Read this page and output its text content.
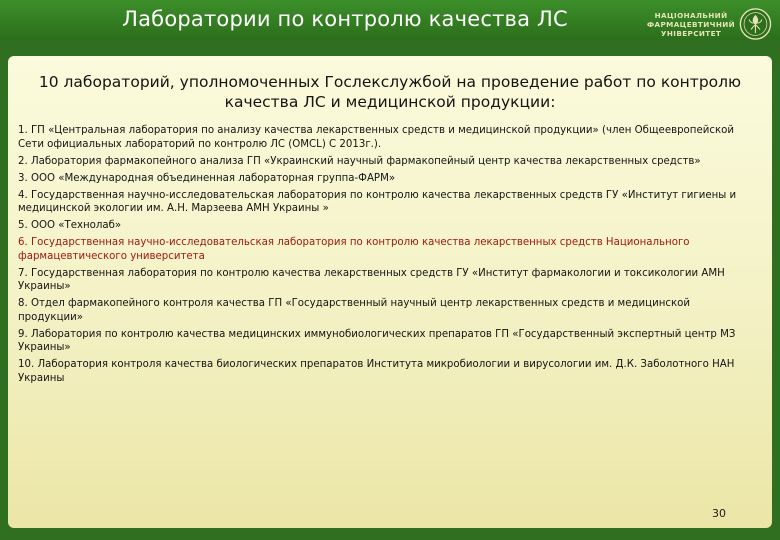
Лаборатории по контролю качества ЛС	НАЦІОНАЛЬНИЙ
ФАРМАЦЕВТИЧНИЙ
УНІВЕРСИТЕТ
10 лабораторий, уполномоченных Гослекслужбой на проведение работ по контролю качества ЛС и медицинской продукции:
1. ГП «Центральная лаборатория по анализу качества лекарственных средств и медицинской продукции» (член Общеевропейской Сети официальных лабораторий по контролю ЛС (OMCL) С 2013г.).
2. Лаборатория фармакопейного анализа ГП «Украинский научный фармакопейный центр качества лекарственных средств»
3. ООО «Международная объединенная лабораторная группа-ФАРМ»
4. Государственная научно-исследовательская лаборатория по контролю качества лекарственных средств ГУ «Институт гигиены и медицинской экологии им. А.Н. Марзеева АМН Украины »
5. ООО «Технолаб»
6. Государственная научно-исследовательская лаборатория по контролю качества лекарственных средств Национального фармацевтического университета
7. Государственная лаборатория по контролю качества лекарственных средств ГУ «Институт фармакологии и токсикологии АМН Украины»
8. Отдел фармакопейного контроля качества ГП «Государственный научный центр лекарственных средств и медицинской продукции»
9. Лаборатория по контролю качества медицинских иммунобиологических препаратов ГП «Государственный экспертный центр МЗ Украины»
10. Лаборатория контроля качества биологических препаратов Института микробиологии и вирусологии им. Д.К. Заболотного НАН Украины
30
